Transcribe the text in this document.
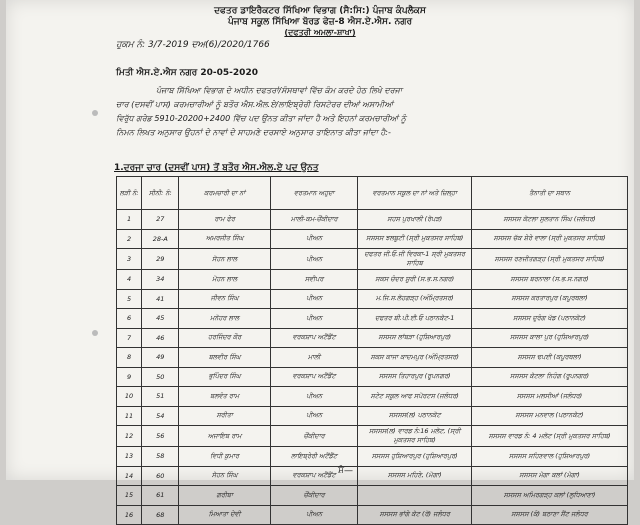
ਦਫਤਰ ਡਾਇਰੈਕਟਰ ਸਿੱਖਿਆ ਵਿਭਾਗ (ਸੈ:ਸਿ:) ਪੰਜਾਬ ਕੰਪਲੈਕਸ
ਪੰਜਾਬ ਸਕੂਲ ਸਿੱਖਿਆ ਬੋਰਡ ਫੇਜ਼-8 ਐਸ.ਏ.ਐਸ. ਨਗਰ
(ਦਫਤਰੀ ਅਮਲਾ-ਸ਼ਾਖਾ)
ਹੁਕਮ ਨੰ: 3/7-2019 ਦਅ(6)/2020/1766
ਮਿਤੀ ਐਸ.ਏ.ਐਸ ਨਗਰ 20-05-2020
ਪੰਜਾਬ ਸਿੱਖਿਆ ਵਿਭਾਗ ਦੇ ਅਧੀਨ ਦਫਤਰਾਂ/ਸੰਸਥਾਵਾਂ ਵਿੱਚ ਕੰਮ ਕਰਦੇ ਹੇਠ ਲਿਖੇ ਦਰਜਾ
ਚਾਰ (ਦਸਵੀਂ ਪਾਸ) ਕਰਮਚਾਰੀਆਂ ਨੂੰ ਬਤੌਰ ਐਸ.ਐਲ.ਏ/ਲਾਇਬ੍ਰੇਰੀ ਰਿਸਟੋਰਰ ਦੀਆਂ ਅਸਾਮੀਆਂ
ਵਿਰੁੱਧ ਗਰੇਡ 5910-20200+2400 ਵਿੱਚ ਪਦ ਉਨਤ ਕੀਤਾ ਜਾਂਦਾ ਹੈ ਅਤੇ ਇਹਨਾਂ ਕਰਮਚਾਰੀਆਂ ਨੂੰ
ਨਿਮਨ ਲਿਖਤ ਅਨੁਸਾਰ ਉਹਨਾਂ ਦੇ ਨਾਵਾਂ ਦੇ ਸਾਹਮਣੇ ਦਰਸਾਏ ਅਨੁਸਾਰ ਤਾਇਨਾਤ ਕੀਤਾ ਜਾਂਦਾ ਹੈ:-
1.ਦਰਜਾ ਚਾਰ (ਦਸਵੀਂ ਪਾਸ) ਤੋਂ ਬਤੌਰ ਐਸ.ਐਲ.ਏ ਪਦ ਉਨਤ
ਲੜੀ ਨੰ:	ਸੀਨੀ: ਨੰ:	ਕਰਮਚਾਰੀ ਦਾ ਨਾਂ	ਵਰਤਮਾਨ ਅਹੁਦਾ	ਵਰਤਮਾਨ ਸਕੂਲ ਦਾ ਨਾਂ ਅਤੇ ਜ਼ਿਲ੍ਹਾ	ਤੈਨਾਤੀ ਦਾ ਸਥਾਨ
1	27	ਰਾਮ ਫੇਰ	ਮਾਲੀ-ਕਮ-ਚੌਂਕੀਦਾਰ	ਸਹਸ ਪੁਰਖਾਲੀ (ਰੋਪੜ)	ਸਸਸਸ ਕੋਟਲਾ ਸੁਲਤਾਨ ਸਿੰਘ (ਜਲੰਧਰ)
2	28-A	ਅਮਰਜੀਤ ਸਿੰਘ	ਪੀਅਨ	ਸਸਸਸ ਝਲਬੂਟੀ (ਸ੍ਰੀ ਮੁਕਤਸਰ ਸਾਹਿਬ)	ਸਸਸਸ ਚੱਕ ਸ਼ੇਰੇ ਵਾਲਾ (ਸ੍ਰੀ ਮੁਕਤਸਰ ਸਾਹਿਬ)
3	29	ਸੋਹਨ ਲਾਲ	ਪੀਅਨ	ਦਫਤਰ ਜੀ.ਓ.ਜੀ ਵਿਰਕਾ-1 ਸ੍ਰੀ ਮੁਕਤਸਰ ਸਾਹਿਬ	ਸਸਸਸ ਰਣਜੀਤਗੜ੍ਹ (ਸ੍ਰੀ ਮੁਕਤਸਰ ਸਾਹਿਬ)
4	34	ਮੋਹਨ ਲਾਲ	ਸਵੀਪਰ	ਸਕਸ ਚੰਦਰ ਸੂਰੀ (ਸ.ਭ.ਸ.ਨਗਰ)	ਸਸਸਸ ਬਰਨਾਲਾ (ਸ.ਭ.ਸ.ਨਗਰ)
5	41	ਜੀਵਨ ਸਿੰਘ	ਪੀਅਨ	ਮ.ਜਿ.ਸ.ਲੋਹਗੜ੍ਹ (ਅੰਮ੍ਰਿਤਸਰ)	ਸਸਸਸ ਕਰਤਾਰਪੁਰ (ਕਪੂਰਥਲਾ)
6	45	ਮਨੋਹਰ ਲਾਲ	ਪੀਅਨ	ਦਫਤਰ ਬੀ.ਪੀ.ਈ.ਓ ਪਠਾਨਕੋਟ-1	ਸਸਸਸ ਦੁਰੰਗ ਖੱਡ (ਪਠਾਨਕੋਟ)
7	46	ਹਰਜਿੰਦਰ ਕੌਰ	ਵਰਕਸ਼ਾਪ ਅਟੈਂਡੈਂਟ	ਸਸਸਸ ਲਾਂਬੜਾ (ਹੁਸ਼ਿਆਰਪੁਰ)	ਸਸਸਸ ਕਾਲਾ ਪੁਰ (ਹੁਸ਼ਿਆਰਪੁਰ)
8	49	ਬਲਵੀਰ ਸਿੰਘ	ਮਾਲੀ	ਸਕਸ ਕਾਜਾ ਕਾਦਮਪੁਰ (ਅੰਮ੍ਰਿਤਸਰ)	ਸਸਸਸ ਢਪਈ (ਕਪੂਰਥਲਾ)
9	50	ਭੁਪਿੰਦਰ ਸਿੰਘ	ਵਰਕਸ਼ਾਪ ਅਟੈਂਡੈਂਟ	ਸਸਸਸ ਤਿਹਾਰਪੁਰ (ਰੂਪਨਗਰ)	ਸਸਸਸ ਕੋਟਲਾ ਨਿਹੰਗ (ਰੂਪਨਗਰ)
10	51	ਬਲਵੰਤ ਰਾਮ	ਪੀਅਨ	ਸਟੇਟ ਸਕੂਲ ਆਫ ਸਪੋਰਟਸ (ਜਲੰਧਰ)	ਸਸਸਸ ਮਲਸੀਆਂ (ਜਲੰਧਰ)
11	54	ਸਰੀਤਾ	ਪੀਅਨ	ਸਸਸਸ(ਲ) ਪਠਾਨਕੋਟ	ਸਸਸਸ ਮਨਵਾਲ (ਪਠਾਨਕੋਟ)
12	56	ਅਜਾਇਬ ਰਾਮ	ਚੌਂਕੀਦਾਰ	ਸਸਸਸ(ਲ) ਵਾਰਡ ਨੰ:16 ਮਲੋਟ, (ਸ੍ਰੀ ਮੁਕਤਸਰ ਸਾਹਿਬ)	ਸਸਸਸ ਵਾਰਡ ਨੰ: 4 ਮਲੋਟ (ਸ੍ਰੀ ਮੁਕਤਸਰ ਸਾਹਿਬ)
13	58	ਵਿਧੀ ਕੁਮਾਰ	ਲਾਇਬ੍ਰੇਰੀ ਅਟੈਂਡੈਂਟ	ਸਸਸਸ ਹੁਸ਼ਿਆਰਪੁਰ (ਹੁਸ਼ਿਆਰਪੁਰ)	ਸਸਸਸ ਸਹਿਣਵਾਲ (ਹੁਸ਼ਿਆਰਪੁਰ)
14	60	ਸੋਹਨ ਸਿੰਘ	ਵਰਕਸ਼ਾਪ ਅਟੈਂਡੈਂਟ	ਸਸਸਸ ਮਹਿਣੇ, (ਮੋਗਾ)	ਸਸਸਸ ਮੋਗਾ ਕਲਾਂ (ਮੋਗਾ)
15	61	ਗਰੀਬਾ	ਚੌਂਕੀਦਾਰ		ਸਸਸਸ ਅਮਿਰਗੜ੍ਹ ਕਲਾਂ (ਲੁਧਿਆਣਾ)
16	68	ਮਿਆਤਾ ਦੇਵੀ	ਪੀਅਨ	ਸਸਸਸ ਭਾਂਗੇ ਕੋਟ (ਰੋ) ਜਲੰਧਰ	ਸਸਸਸ (ਕੰ) ਬਠਾਣਾ ਸੈਂਟ ਜਲੰਧਰ
ਸ਼ੰ—
